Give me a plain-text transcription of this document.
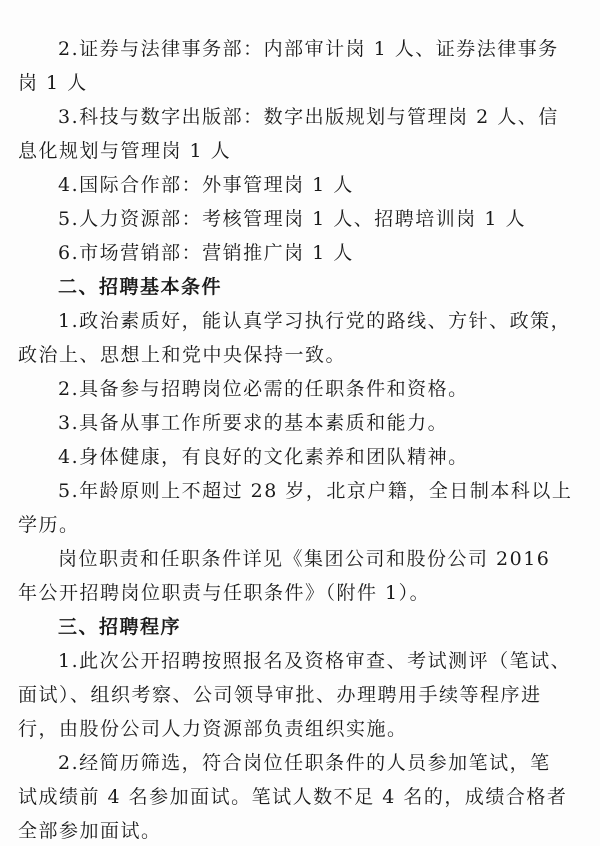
2.证券与法律事务部：内部审计岗 1 人、证券法律事务
岗 1 人
3.科技与数字出版部：数字出版规划与管理岗 2 人、信
息化规划与管理岗 1 人
4.国际合作部：外事管理岗 1 人
5.人力资源部：考核管理岗 1 人、招聘培训岗 1 人
6.市场营销部：营销推广岗 1 人
二、招聘基本条件
1.政治素质好，能认真学习执行党的路线、方针、政策，
政治上、思想上和党中央保持一致。
2.具备参与招聘岗位必需的任职条件和资格。
3.具备从事工作所要求的基本素质和能力。
4.身体健康，有良好的文化素养和团队精神。
5.年龄原则上不超过 28 岁，北京户籍，全日制本科以上
学历。
岗位职责和任职条件详见《集团公司和股份公司 2016
年公开招聘岗位职责与任职条件》（附件 1）。
三、招聘程序
1.此次公开招聘按照报名及资格审查、考试测评（笔试、
面试）、组织考察、公司领导审批、办理聘用手续等程序进
行，由股份公司人力资源部负责组织实施。
2.经简历筛选，符合岗位任职条件的人员参加笔试，笔
试成绩前 4 名参加面试。笔试人数不足 4 名的，成绩合格者
全部参加面试。
